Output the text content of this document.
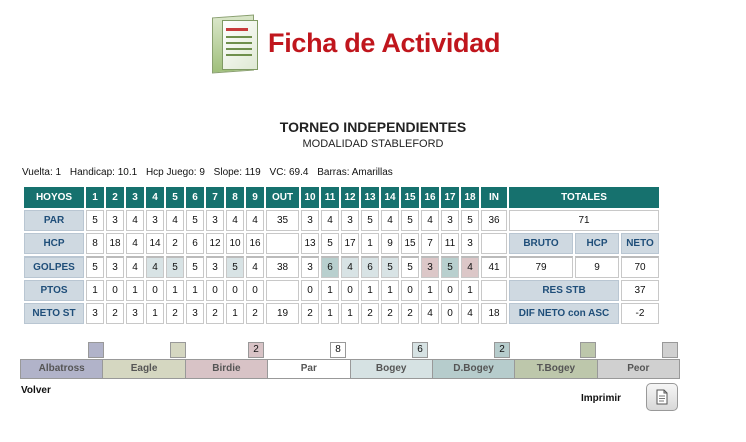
Ficha de Actividad
TORNEO INDEPENDIENTES
MODALIDAD STABLEFORD
Vuelta: 1 Handicap: 10.1 Hcp Juego: 9 Slope: 119 VC: 69.4 Barras: Amarillas
HOYOS	1	2	3	4	5	6	7	8	9	OUT	10	11	12	13	14	15	16	17	18	IN	TOTALES		
PAR	5	3	4	3	4	5	3	4	4	35	3	4	3	5	4	5	4	3	5	36	71		
HCP	8	18	4	14	2	6	12	10	16		13	5	17	1	9	15	7	11	3		BRUTO	HCP	NETO
GOLPES	5	3	4	4	5	5	3	5	4	38	3	6	4	6	5	5	3	5	4	41	79	9	70
PTOS	1	0	1	0	1	1	0	0	0		0	1	0	1	1	0	1	0	1		RES STB		37
NETO ST	3	2	3	1	2	3	2	1	2	19	2	1	1	2	2	2	4	0	4	18	DIF NETO con ASC		-2
2	8	6	2
Albatross	Eagle	Birdie	Par	Bogey	D.Bogey	T.Bogey	Peor
Volver
Imprimir
